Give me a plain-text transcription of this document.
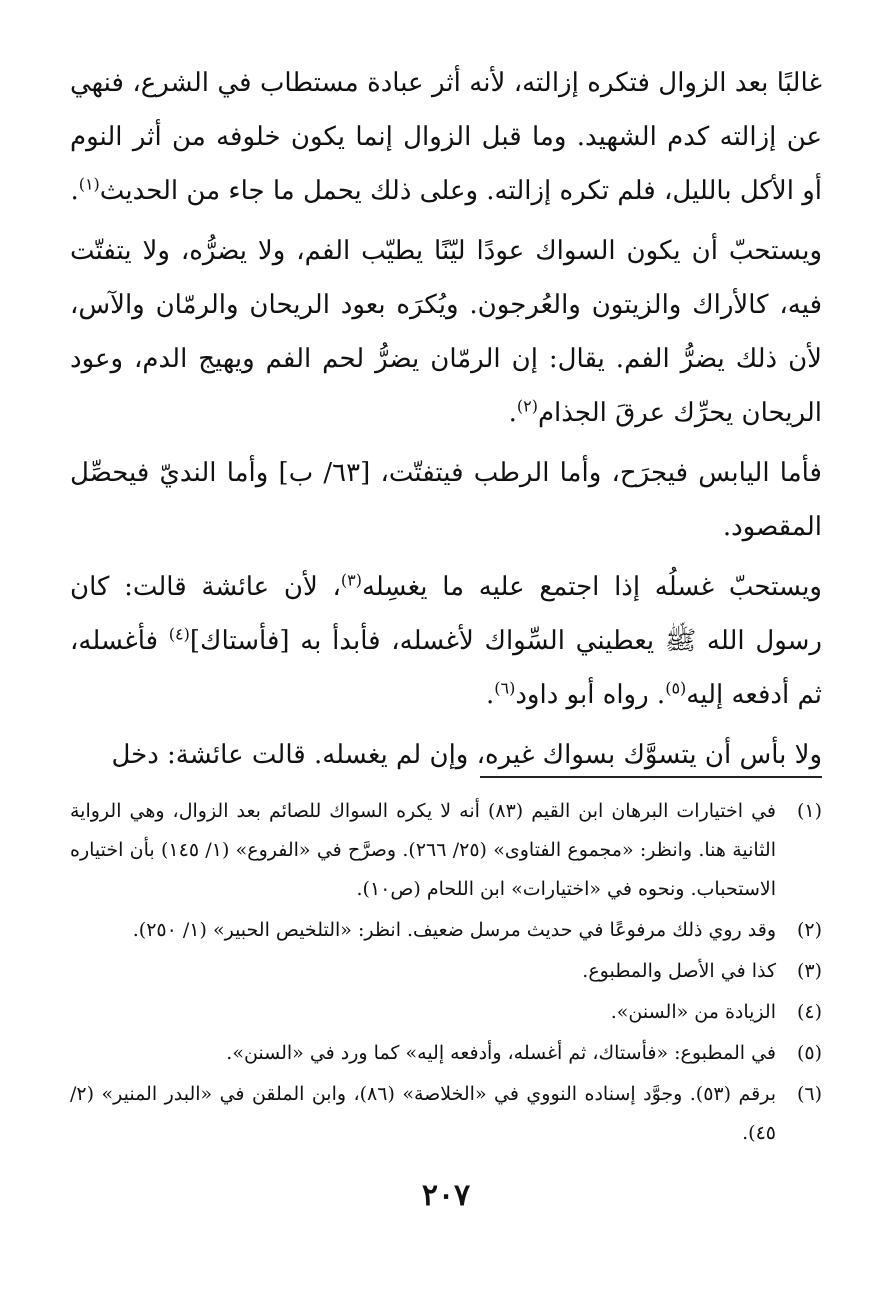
غالبًا بعد الزوال فتكره إزالته، لأنه أثر عبادة مستطاب في الشرع، فنهي عن إزالته كدم الشهيد. وما قبل الزوال إنما يكون خلوفه من أثر النوم أو الأكل بالليل، فلم تكره إزالته. وعلى ذلك يحمل ما جاء من الحديث$^{(١)}$.

ويستحبّ أن يكون السواك عودًا ليّنًا يطيّب الفم، ولا يضرُّه، ولا يتفتّت فيه، كالأراك والزيتون والعُرجون. ويُكرَه بعود الريحان والرمّان والآس، لأن ذلك يضرُّ الفم. يقال: إن الرمّان يضرُّ لحم الفم ويهيج الدم، وعود الريحان يحرِّك عرقَ الجذام$^{(٢)}$.

فأما اليابس فيجرَح، وأما الرطب فيتفتّت، [٦٣/ ب] وأما النديّ فيحصِّل المقصود.

ويستحبّ غسلُه إذا اجتمع عليه ما يغسِله$^{(٣)}$، لأن عائشة قالت: كان رسول الله ﷺ يعطيني السِّواك لأغسله، فأبدأ به [فأستاك]$^{(٤)}$ فأغسله، ثم أدفعه إليه$^{(٥)}$. رواه أبو داود$^{(٦)}$.

ولا بأس أن يتسوَّك بسواك غيره، وإن لم يغسله. قالت عائشة: دخل

(١)
في اختيارات البرهان ابن القيم (٨٣) أنه لا يكره السواك للصائم بعد الزوال، وهي الرواية الثانية هنا. وانظر: «مجموع الفتاوى» (٢٥/ ٢٦٦). وصرَّح في «الفروع» (١/ ١٤٥) بأن اختياره الاستحباب. ونحوه في «اختيارات» ابن اللحام (ص١٠).
(٢)
وقد روي ذلك مرفوعًا في حديث مرسل ضعيف. انظر: «التلخيص الحبير» (١/ ٢٥٠).
(٣)
كذا في الأصل والمطبوع.
(٤)
الزيادة من «السنن».
(٥)
في المطبوع: «فأستاك، ثم أغسله، وأدفعه إليه» كما ورد في «السنن».
(٦)
برقم (٥٣). وجوَّد إسناده النووي في «الخلاصة» (٨٦)، وابن الملقن في «البدر المنير» (٢/ ٤٥).
٢٠٧
